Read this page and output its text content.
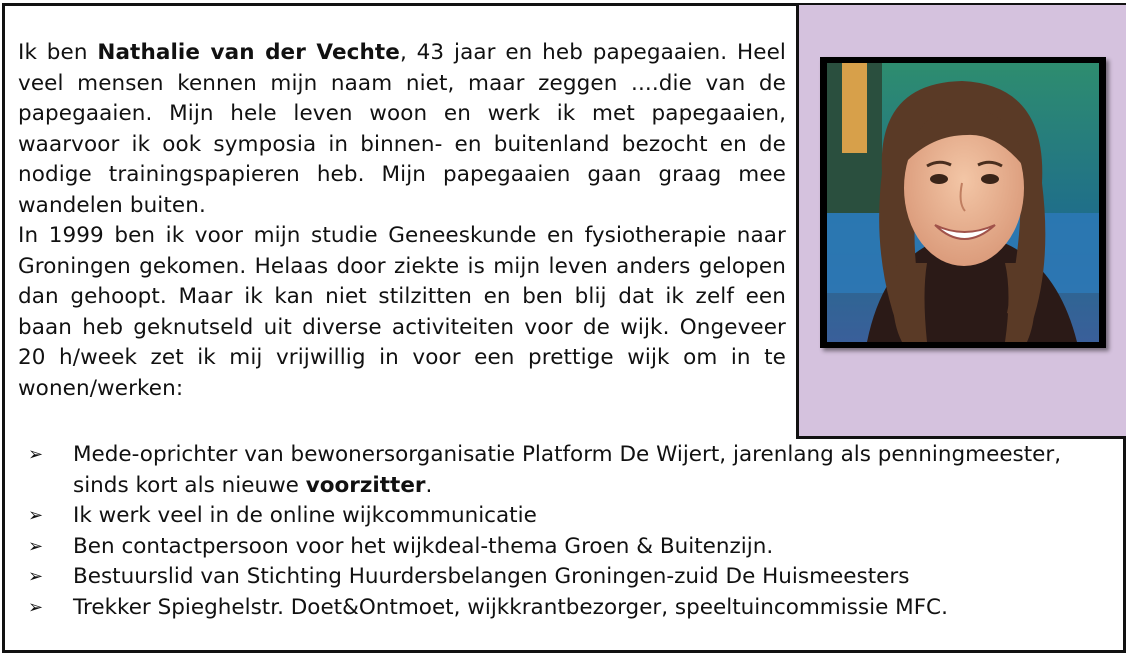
Ik ben Nathalie van der Vechte, 43 jaar en heb papegaaien. Heel veel mensen kennen mijn naam niet, maar zeggen ....die van de papegaaien. Mijn hele leven woon en werk ik met papegaaien, waarvoor ik ook symposia in binnen- en buitenland bezocht en de nodige trainingspapieren heb. Mijn papegaaien gaan graag mee wandelen buiten.

In 1999 ben ik voor mijn studie Geneeskunde en fysiotherapie naar Groningen gekomen. Helaas door ziekte is mijn leven anders gelopen dan gehoopt. Maar ik kan niet stilzitten en ben blij dat ik zelf een baan heb geknutseld uit diverse activiteiten voor de wijk. Ongeveer 20 h/week zet ik mij vrijwillig in voor een prettige wijk om in te wonen/werken:

➢ Mede-oprichter van bewonersorganisatie Platform De Wijert, jarenlang als penningmeester, sinds kort als nieuwe voorzitter.
➢ Ik werk veel in de online wijkcommunicatie
➢ Ben contactpersoon voor het wijkdeal-thema Groen & Buitenzijn.
➢ Bestuurslid van Stichting Huurdersbelangen Groningen-zuid De Huismeesters
➢ Trekker Spieghelstr. Doet&Ontmoet, wijkkrantbezorger, speeltuincommissie MFC.
